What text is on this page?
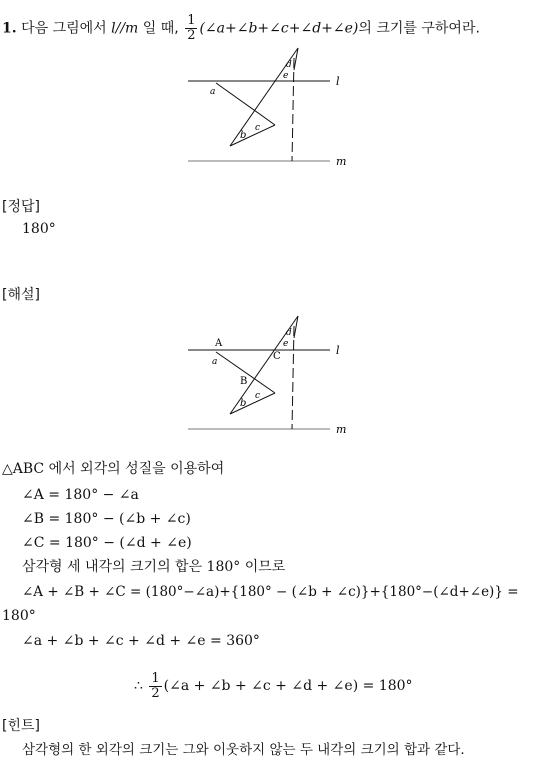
1. 다음 그림에서 l//m 일 때, $\frac{1}{2}$ (∠a+∠b+∠c+∠d+∠e)의 크기를 구하여라.
l
m
a
b
c
d
e
[정답]
180°
[해설]
A
B
C	l
m
a
b
c
d
e
△ABC 에서 외각의 성질을 이용하여
∠A = 180° − ∠a
∠B = 180° − (∠b + ∠c)
∠C = 180° − (∠d + ∠e)
삼각형 세 내각의 크기의 합은 180° 이므로
∠A + ∠B + ∠C = (180°−∠a)+{180° − (∠b + ∠c)}+{180°−(∠d+∠e)} =
180°
∠a + ∠b + ∠c + ∠d + ∠e = 360°
∴ $\frac{1}{2}$ (∠a + ∠b + ∠c + ∠d + ∠e) = 180°
[힌트]
삼각형의 한 외각의 크기는 그와 이웃하지 않는 두 내각의 크기의 합과 같다.
